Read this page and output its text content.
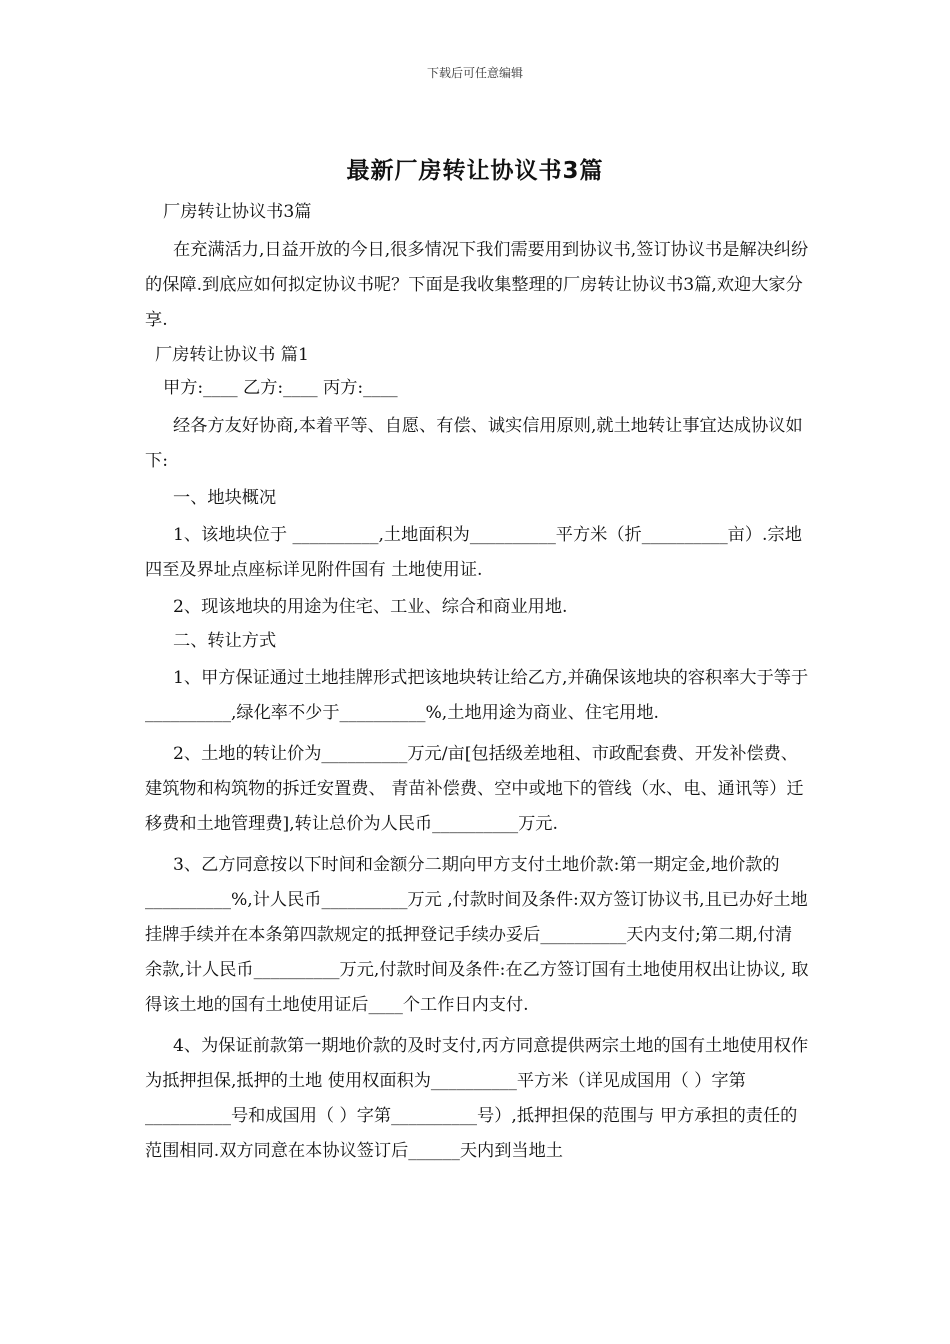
下载后可任意编辑
最新厂房转让协议书3篇

厂房转让协议书3篇

在充满活力,日益开放的今日,很多情况下我们需要用到协议书,签订协议书是解决纠纷的保障.到底应如何拟定协议书呢？下面是我收集整理的厂房转让协议书3篇,欢迎大家分享.

厂房转让协议书 篇1

甲方:____ 乙方:____ 丙方:____

经各方友好协商,本着平等、自愿、有偿、诚实信用原则,就土地转让事宜达成协议如下:

一、地块概况

1、该地块位于 __________,土地面积为__________平方米（折__________亩）.宗地四至及界址点座标详见附件国有 土地使用证.

2、现该地块的用途为住宅、工业、综合和商业用地.

二、转让方式

1、甲方保证通过土地挂牌形式把该地块转让给乙方,并确保该地块的容积率大于等于__________,绿化率不少于__________%,土地用途为商业、住宅用地.

2、土地的转让价为__________万元/亩[包括级差地租、市政配套费、开发补偿费、建筑物和构筑物的拆迁安置费、 青苗补偿费、空中或地下的管线（水、电、通讯等）迁移费和土地管理费],转让总价为人民币__________万元.

3、乙方同意按以下时间和金额分二期向甲方支付土地价款:第一期定金,地价款的__________%,计人民币__________万元 ,付款时间及条件:双方签订协议书,且已办好土地挂牌手续并在本条第四款规定的抵押登记手续办妥后__________天内支付;第二期,付清余款,计人民币__________万元,付款时间及条件:在乙方签订国有土地使用权出让协议, 取得该土地的国有土地使用证后____个工作日内支付.

4、为保证前款第一期地价款的及时支付,丙方同意提供两宗土地的国有土地使用权作为抵押担保,抵押的土地 使用权面积为__________平方米（详见成国用（ ）字第__________号和成国用（ ）字第__________号）,抵押担保的范围与 甲方承担的责任的范围相同.双方同意在本协议签订后______天内到当地土
